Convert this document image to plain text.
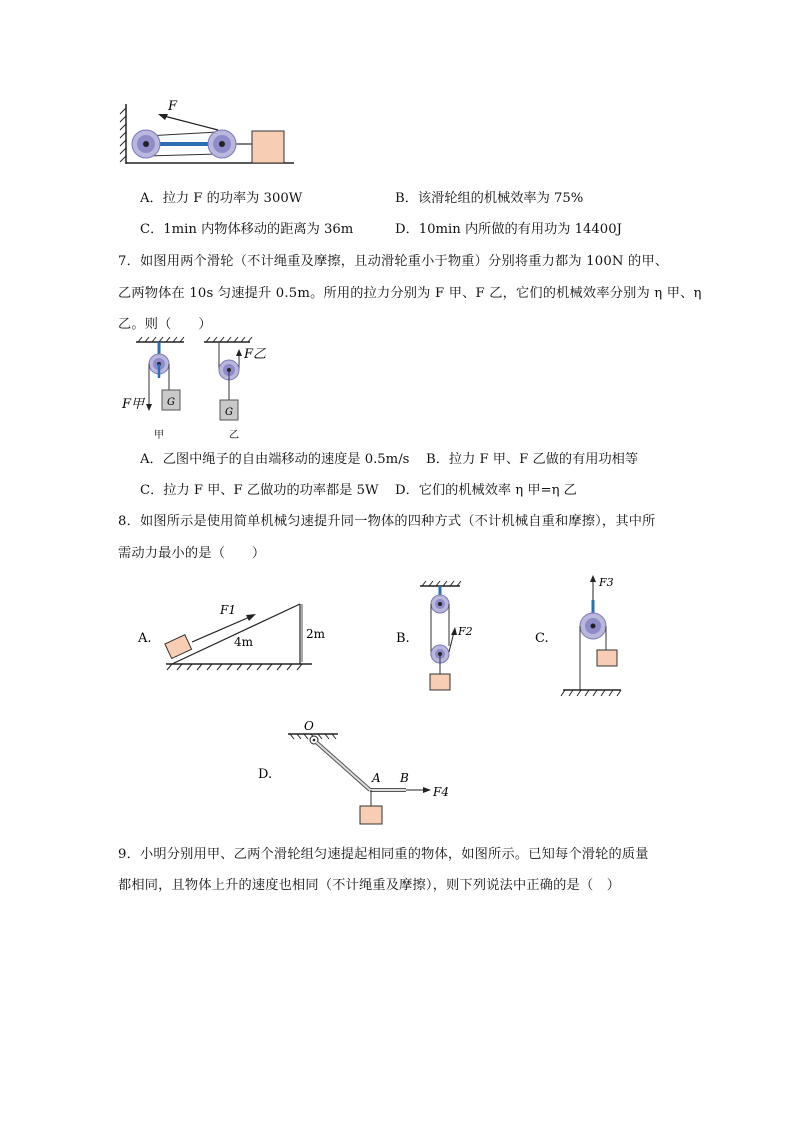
F
A．拉力 F 的功率为 300W	B．该滑轮组的机械效率为 75%
C．1min 内物体移动的距离为 36m	D．10min 内所做的有用功为 14400J
7．如图用两个滑轮（不计绳重及摩擦，且动滑轮重小于物重）分别将重力都为 100N 的甲、
乙两物体在 10s 匀速提升 0.5m。所用的拉力分别为 F 甲、F 乙，它们的机械效率分别为 η 甲、η
乙。则（　　）
G
F甲
甲
G
F乙
乙
A．乙图中绳子的自由端移动的速度是 0.5m/s B．拉力 F 甲、F 乙做的有用功相等
C．拉力 F 甲、F 乙做功的功率都是 5W D．它们的机械效率 η 甲=η 乙
8．如图所示是使用简单机械匀速提升同一物体的四种方式（不计机械自重和摩擦），其中所
需动力最小的是（　　）
A.
F1
4m
2m	B.	F2	C.
F3
D.
O
F4
A B
9．小明分别用甲、乙两个滑轮组匀速提起相同重的物体，如图所示。已知每个滑轮的质量
都相同，且物体上升的速度也相同（不计绳重及摩擦），则下列说法中正确的是（　）
